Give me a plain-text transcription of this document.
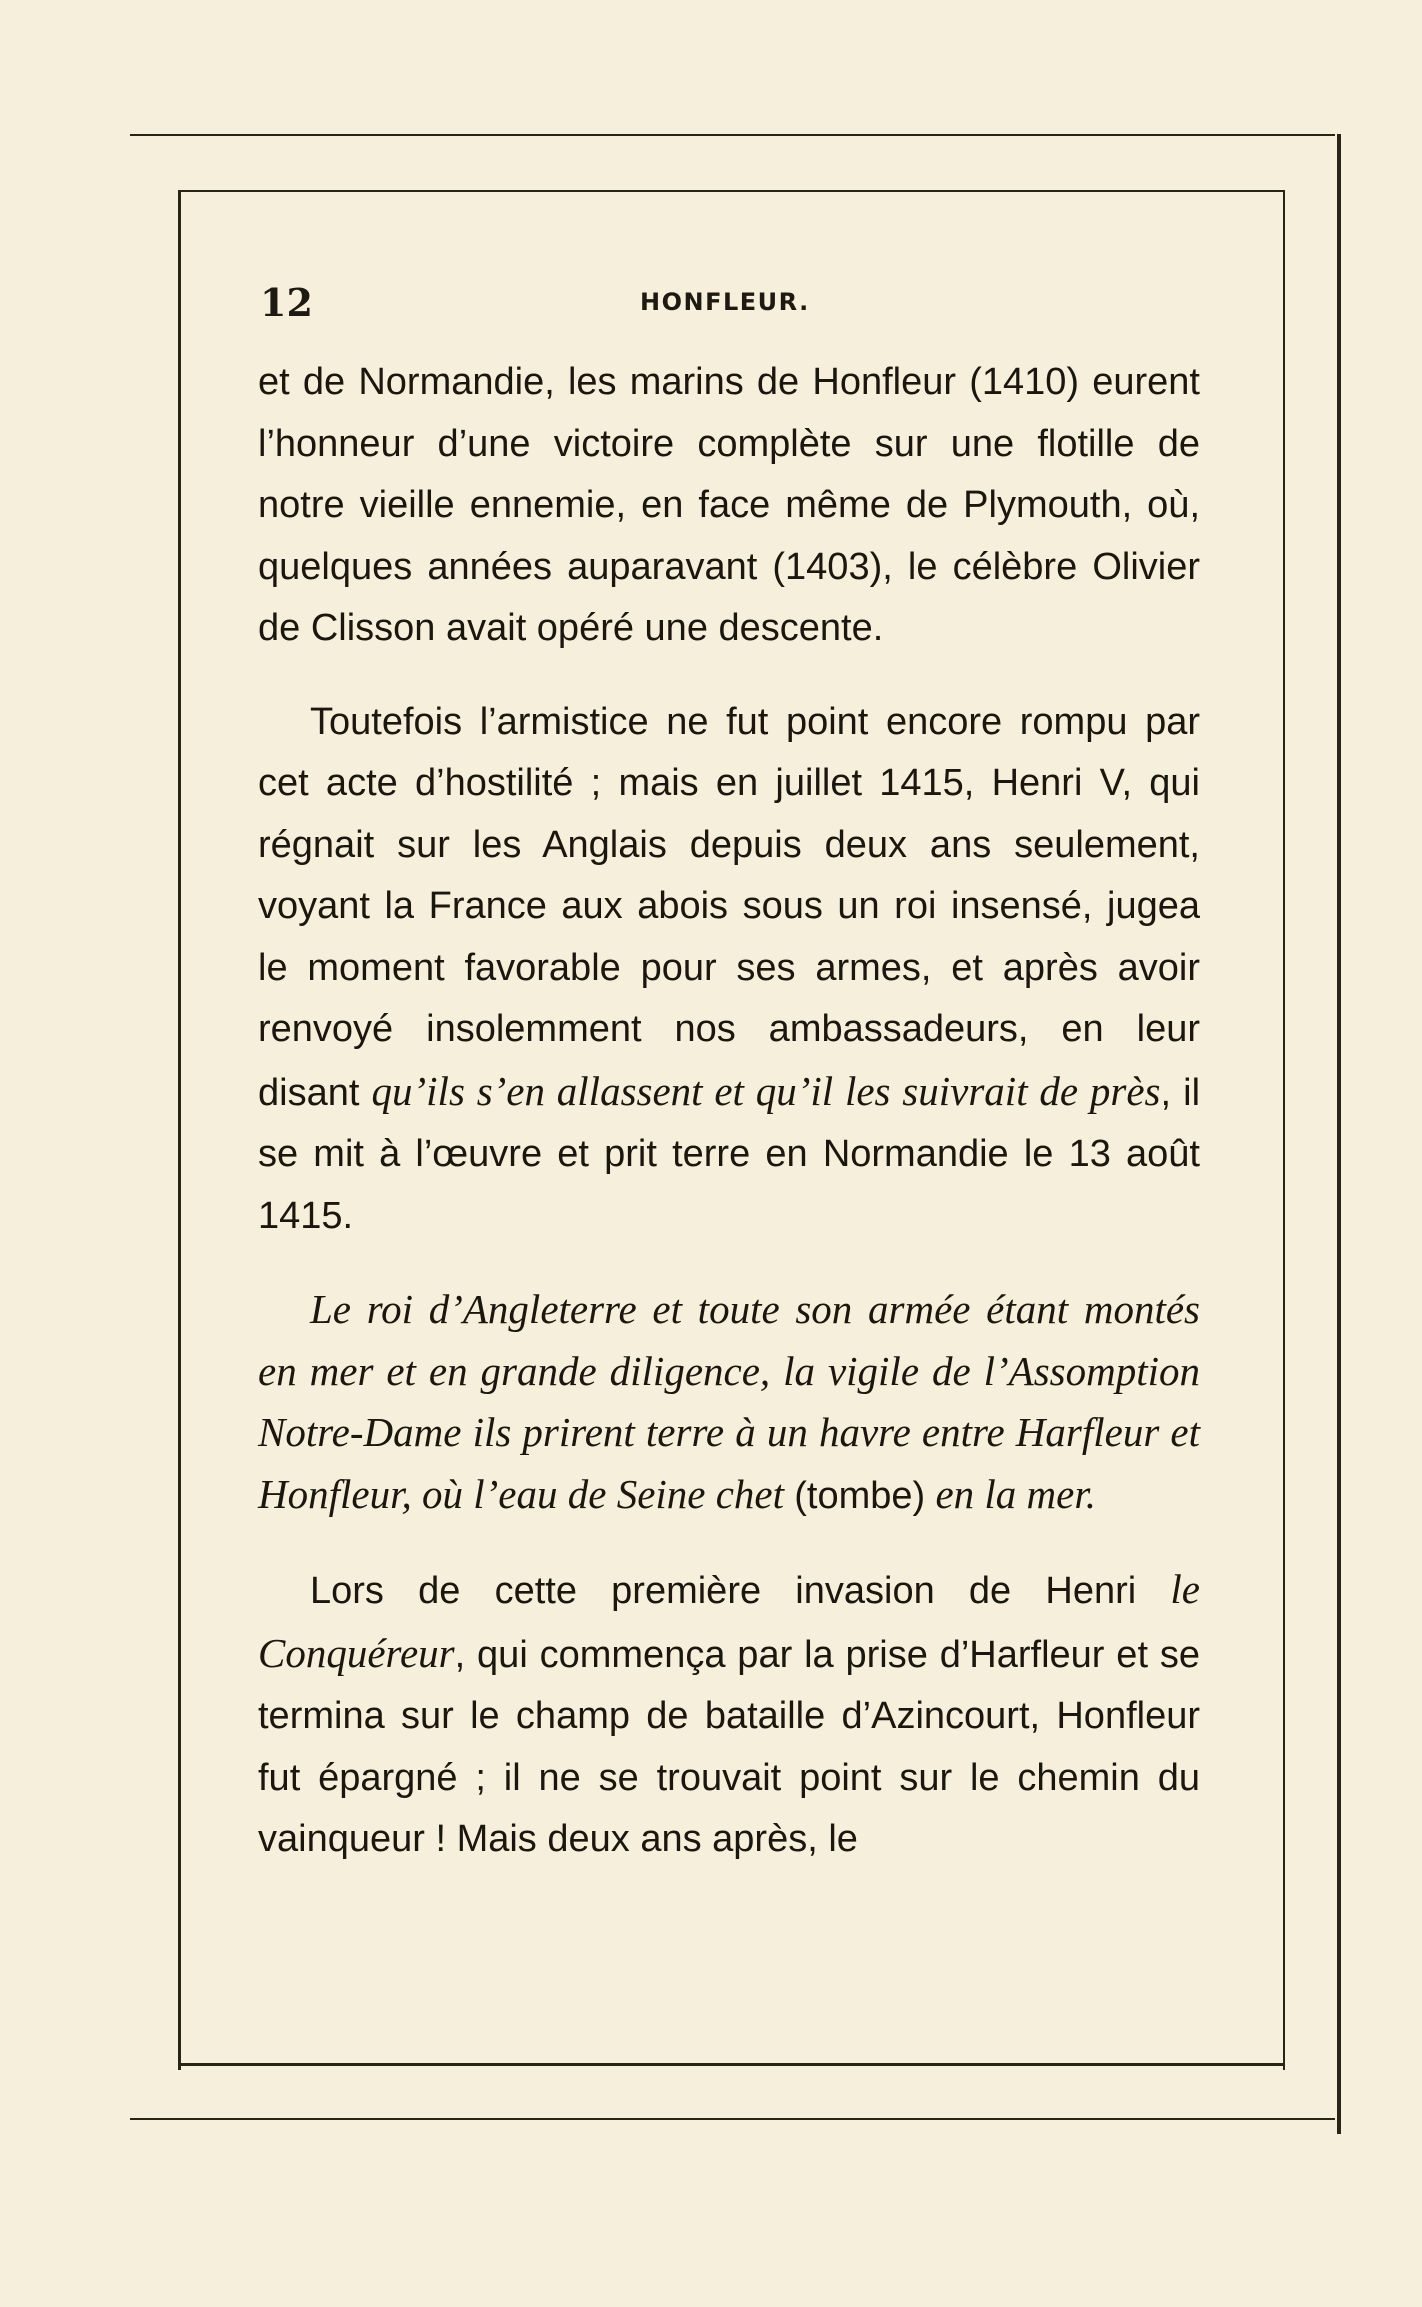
12	HONFLEUR.

et de Normandie, les marins de Honfleur (1410) eurent l’honneur d’une victoire complète sur une flotille de notre vieille ennemie, en face même de Plymouth, où, quelques années auparavant (1403), le célèbre Olivier de Clisson avait opéré une descente.

Toutefois l’armistice ne fut point encore rompu par cet acte d’hostilité ; mais en juillet 1415, Henri V, qui régnait sur les Anglais depuis deux ans seulement, voyant la France aux abois sous un roi insensé, jugea le moment favorable pour ses armes, et après avoir renvoyé insolemment nos ambassadeurs, en leur disant qu’ils s’en allassent et qu’il les suivrait de près, il se mit à l’œuvre et prit terre en Normandie le 13 août 1415.

Le roi d’Angleterre et toute son armée étant montés en mer et en grande diligence, la vigile de l’Assomption Notre-Dame ils prirent terre à un havre entre Harfleur et Honfleur, où l’eau de Seine chet (tombe) en la mer.

Lors de cette première invasion de Henri le Conquéreur, qui commença par la prise d’Harfleur et se termina sur le champ de bataille d’Azincourt, Honfleur fut épargné ; il ne se trouvait point sur le chemin du vainqueur ! Mais deux ans après, le
